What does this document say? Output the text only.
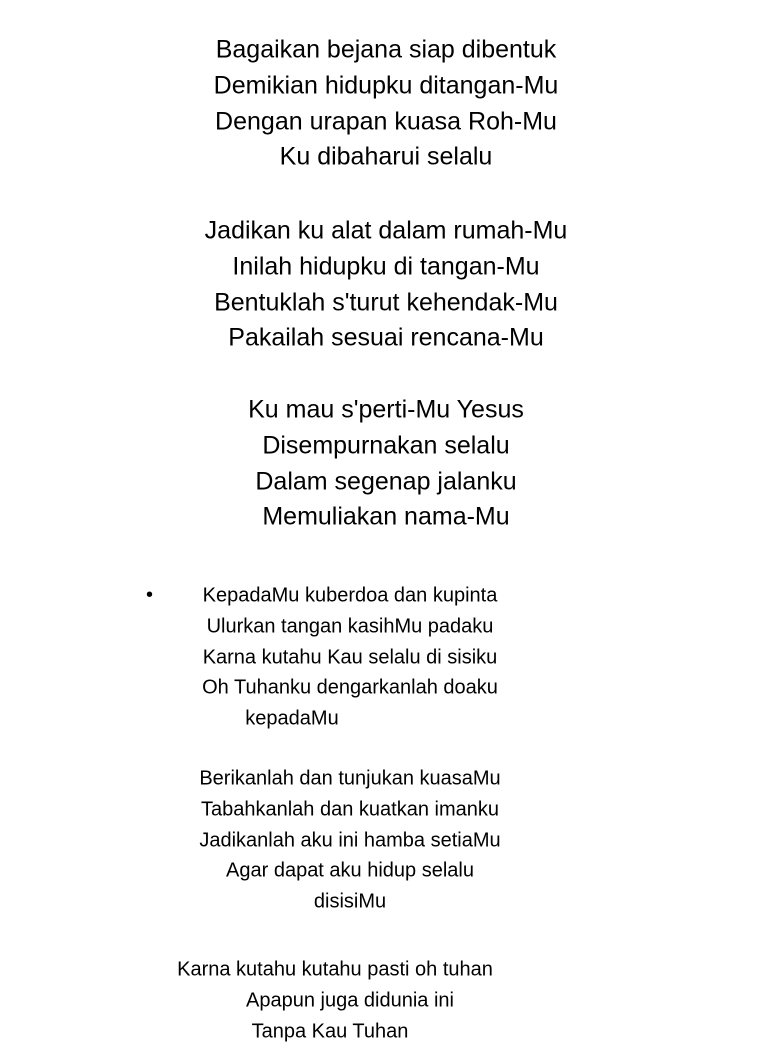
Bagaikan bejana siap dibentuk
Demikian hidupku ditangan-Mu
Dengan urapan kuasa Roh-Mu
Ku dibaharui selalu
Jadikan ku alat dalam rumah-Mu
Inilah hidupku di tangan-Mu
Bentuklah s'turut kehendak-Mu
Pakailah sesuai rencana-Mu
Ku mau s'perti-Mu Yesus
Disempurnakan selalu
Dalam segenap jalanku
Memuliakan nama-Mu
KepadaMu kuberdoa dan kupinta
Ulurkan tangan kasihMu padaku
Karna kutahu Kau selalu di sisiku
Oh Tuhanku dengarkanlah doaku
kepadaMu
Berikanlah dan tunjukan kuasaMu
Tabahkanlah dan kuatkan imanku
Jadikanlah aku ini hamba setiaMu
Agar dapat aku hidup selalu
disisiMu
Karna kutahu kutahu pasti oh tuhan
Apapun juga didunia ini
Tanpa Kau Tuhan
•
